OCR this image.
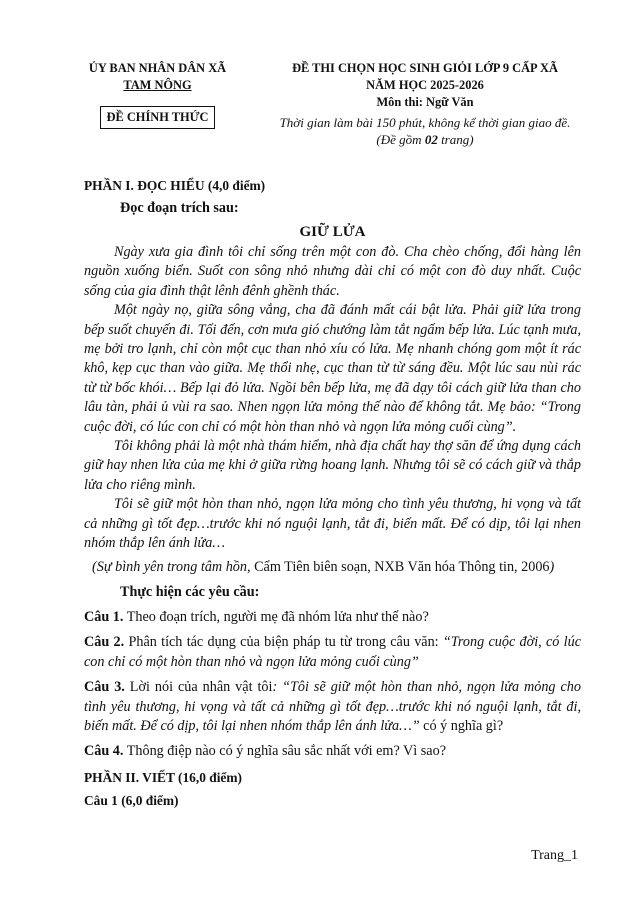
ỦY BAN NHÂN DÂN XÃ
TAM NÔNG
ĐỀ CHÍNH THỨC
ĐỀ THI CHỌN HỌC SINH GIỎI LỚP 9 CẤP XÃ
NĂM HỌC 2025-2026
Môn thi: Ngữ Văn
Thời gian làm bài 150 phút, không kể thời gian giao đề.
(Đề gồm 02 trang)

PHẦN I. ĐỌC HIỂU (4,0 điểm)

Đọc đoạn trích sau:

GIỮ LỬA

Ngày xưa gia đình tôi chỉ sống trên một con đò. Cha chèo chống, đổi hàng lên nguồn xuống biển. Suốt con sông nhỏ nhưng dài chỉ có một con đò duy nhất. Cuộc sống của gia đình thật lênh đênh ghềnh thác.

Một ngày nọ, giữa sông vắng, cha đã đánh mất cái bật lửa. Phải giữ lửa trong bếp suốt chuyến đi. Tối đến, cơn mưa gió chướng làm tắt ngấm bếp lửa. Lúc tạnh mưa, mẹ bởi tro lạnh, chỉ còn một cục than nhỏ xíu có lửa. Mẹ nhanh chóng gom một ít rác khô, kẹp cục than vào giữa. Mẹ thổi nhẹ, cục than từ từ sáng đều. Một lúc sau nùi rác từ từ bốc khói… Bếp lại đỏ lửa. Ngồi bên bếp lửa, mẹ đã dạy tôi cách giữ lửa than cho lâu tàn, phải ủ vùi ra sao. Nhen ngọn lửa mỏng thế nào để không tắt. Mẹ bảo: “Trong cuộc đời, có lúc con chỉ có một hòn than nhỏ và ngọn lửa mỏng cuối cùng”.

Tôi không phải là một nhà thám hiểm, nhà địa chất hay thợ săn để ứng dụng cách giữ hay nhen lửa của mẹ khi ở giữa rừng hoang lạnh. Nhưng tôi sẽ có cách giữ và thắp lửa cho riêng mình.

Tôi sẽ giữ một hòn than nhỏ, ngọn lửa mỏng cho tình yêu thương, hi vọng và tất cả những gì tốt đẹp…trước khi nó nguội lạnh, tắt đi, biến mất. Để có dịp, tôi lại nhen nhóm thắp lên ánh lửa…

(Sự bình yên trong tâm hồn, Cẩm Tiên biên soạn, NXB Văn hóa Thông tin, 2006)

Thực hiện các yêu cầu:

Câu 1. Theo đoạn trích, người mẹ đã nhóm lửa như thế nào?

Câu 2. Phân tích tác dụng của biện pháp tu từ trong câu văn: “Trong cuộc đời, có lúc con chỉ có một hòn than nhỏ và ngọn lửa mỏng cuối cùng”

Câu 3. Lời nói của nhân vật tôi: “Tôi sẽ giữ một hòn than nhỏ, ngọn lửa mỏng cho tình yêu thương, hi vọng và tất cả những gì tốt đẹp…trước khi nó nguội lạnh, tắt đi, biến mất. Để có dịp, tôi lại nhen nhóm thắp lên ánh lửa…” có ý nghĩa gì?

Câu 4. Thông điệp nào có ý nghĩa sâu sắc nhất với em? Vì sao?

PHẦN II. VIẾT (16,0 điểm)

Câu 1 (6,0 điểm)

Trang_1
